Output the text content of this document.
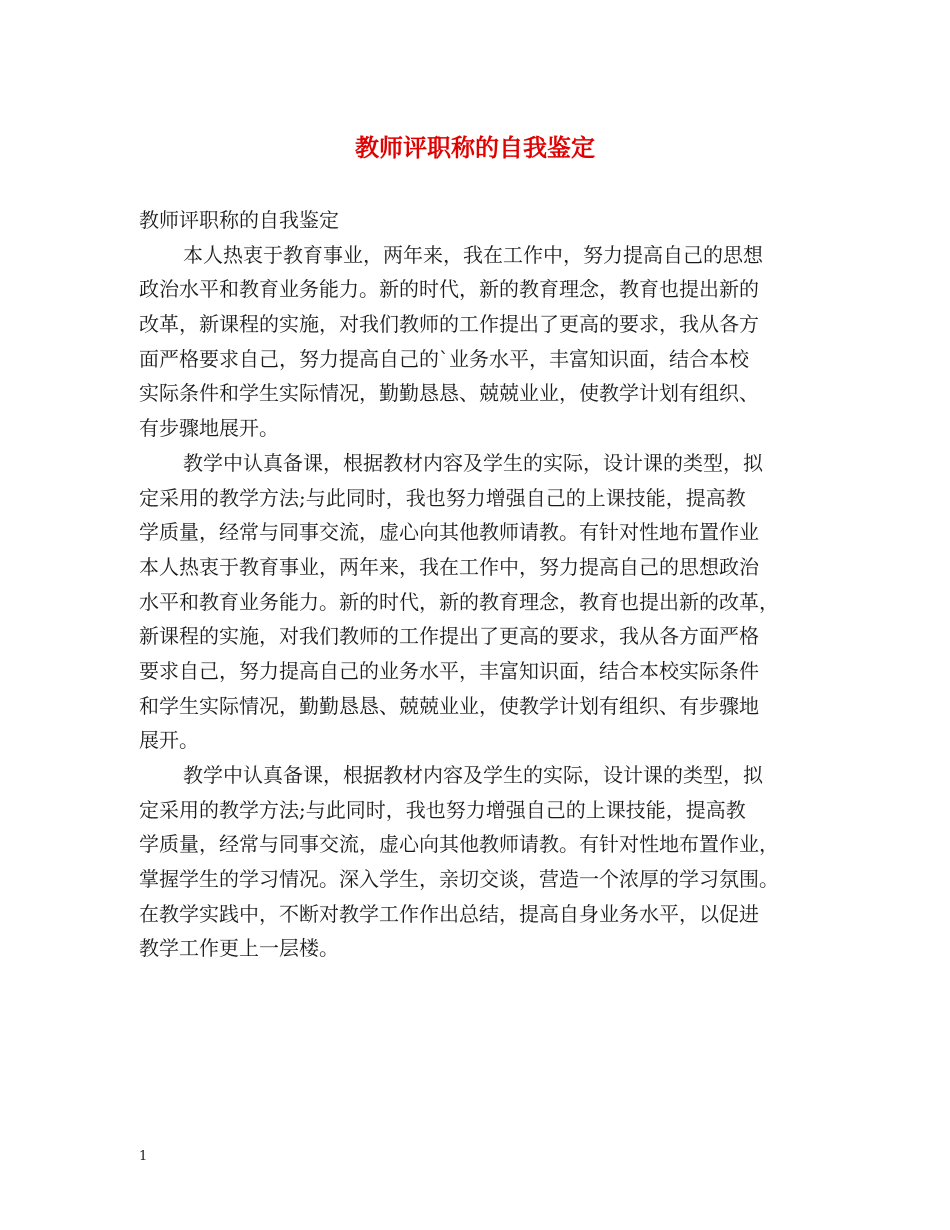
教师评职称的自我鉴定
教师评职称的自我鉴定
本人热衷于教育事业，两年来，我在工作中，努力提高自己的思想
政治水平和教育业务能力。新的时代，新的教育理念，教育也提出新的
改革，新课程的实施，对我们教师的工作提出了更高的要求，我从各方
面严格要求自己，努力提高自己的`业务水平，丰富知识面，结合本校
实际条件和学生实际情况，勤勤恳恳、兢兢业业，使教学计划有组织、
有步骤地展开。
教学中认真备课，根据教材内容及学生的实际，设计课的类型，拟
定采用的教学方法;与此同时，我也努力增强自己的上课技能，提高教
学质量，经常与同事交流，虚心向其他教师请教。有针对性地布置作业
本人热衷于教育事业，两年来，我在工作中，努力提高自己的思想政治
水平和教育业务能力。新的时代，新的教育理念，教育也提出新的改革，
新课程的实施，对我们教师的工作提出了更高的要求，我从各方面严格
要求自己，努力提高自己的业务水平，丰富知识面，结合本校实际条件
和学生实际情况，勤勤恳恳、兢兢业业，使教学计划有组织、有步骤地
展开。
教学中认真备课，根据教材内容及学生的实际，设计课的类型，拟
定采用的教学方法;与此同时，我也努力增强自己的上课技能，提高教
学质量，经常与同事交流，虚心向其他教师请教。有针对性地布置作业，
掌握学生的学习情况。深入学生，亲切交谈，营造一个浓厚的学习氛围。
在教学实践中，不断对教学工作作出总结，提高自身业务水平，以促进
教学工作更上一层楼。
1
